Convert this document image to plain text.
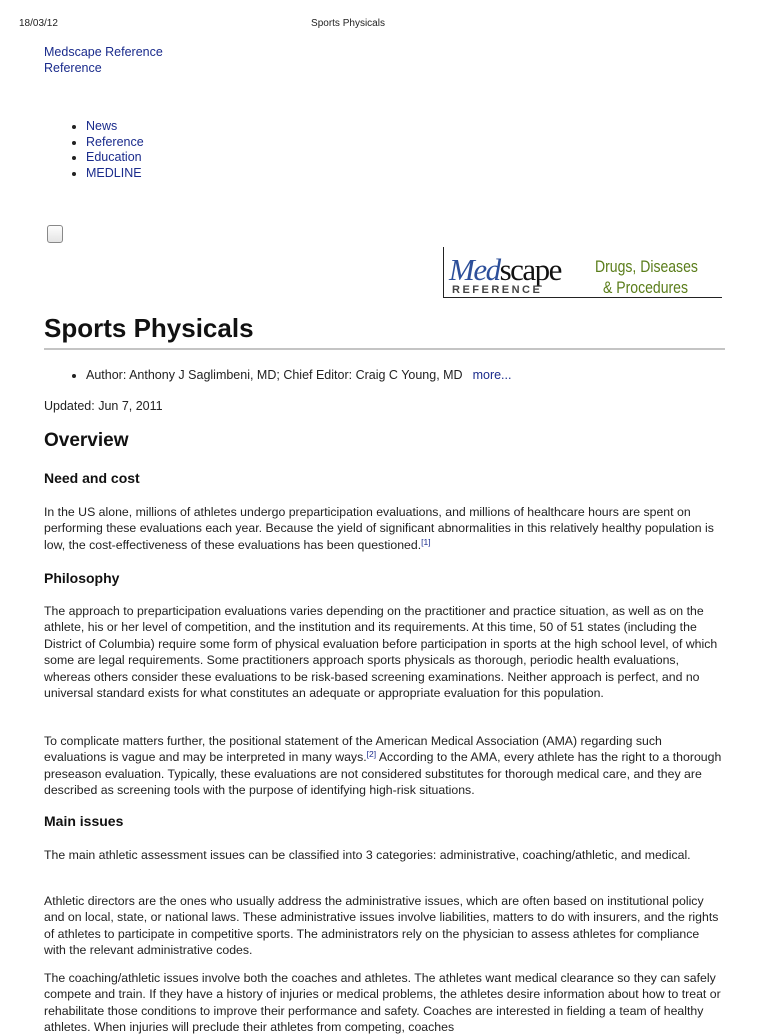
18/03/12	Sports Physicals
Medscape Reference
Reference
• News
• Reference
• Education
• MEDLINE
Medscape
REFERENCE
Drugs, Diseases
& Procedures
Sports Physicals
• Author: Anthony J Saglimbeni, MD; Chief Editor: Craig C Young, MD more...
Updated: Jun 7, 2011
Overview
Need and cost

In the US alone, millions of athletes undergo preparticipation evaluations, and millions of healthcare hours are spent on performing these evaluations each year. Because the yield of significant abnormalities in this relatively healthy population is low, the cost-effectiveness of these evaluations has been questioned.[1]

Philosophy

The approach to preparticipation evaluations varies depending on the practitioner and practice situation, as well as on the athlete, his or her level of competition, and the institution and its requirements. At this time, 50 of 51 states (including the District of Columbia) require some form of physical evaluation before participation in sports at the high school level, of which some are legal requirements. Some practitioners approach sports physicals as thorough, periodic health evaluations, whereas others consider these evaluations to be risk-based screening examinations. Neither approach is perfect, and no universal standard exists for what constitutes an adequate or appropriate evaluation for this population.

To complicate matters further, the positional statement of the American Medical Association (AMA) regarding such evaluations is vague and may be interpreted in many ways.[2] According to the AMA, every athlete has the right to a thorough preseason evaluation. Typically, these evaluations are not considered substitutes for thorough medical care, and they are described as screening tools with the purpose of identifying high-risk situations.

Main issues

The main athletic assessment issues can be classified into 3 categories: administrative, coaching/athletic, and medical.

Athletic directors are the ones who usually address the administrative issues, which are often based on institutional policy and on local, state, or national laws. These administrative issues involve liabilities, matters to do with insurers, and the rights of athletes to participate in competitive sports. The administrators rely on the physician to assess athletes for compliance with the relevant administrative codes.

The coaching/athletic issues involve both the coaches and athletes. The athletes want medical clearance so they can safely compete and train. If they have a history of injuries or medical problems, the athletes desire information about how to treat or rehabilitate those conditions to improve their performance and safety. Coaches are interested in fielding a team of healthy athletes. When injuries will preclude their athletes from competing, coaches
